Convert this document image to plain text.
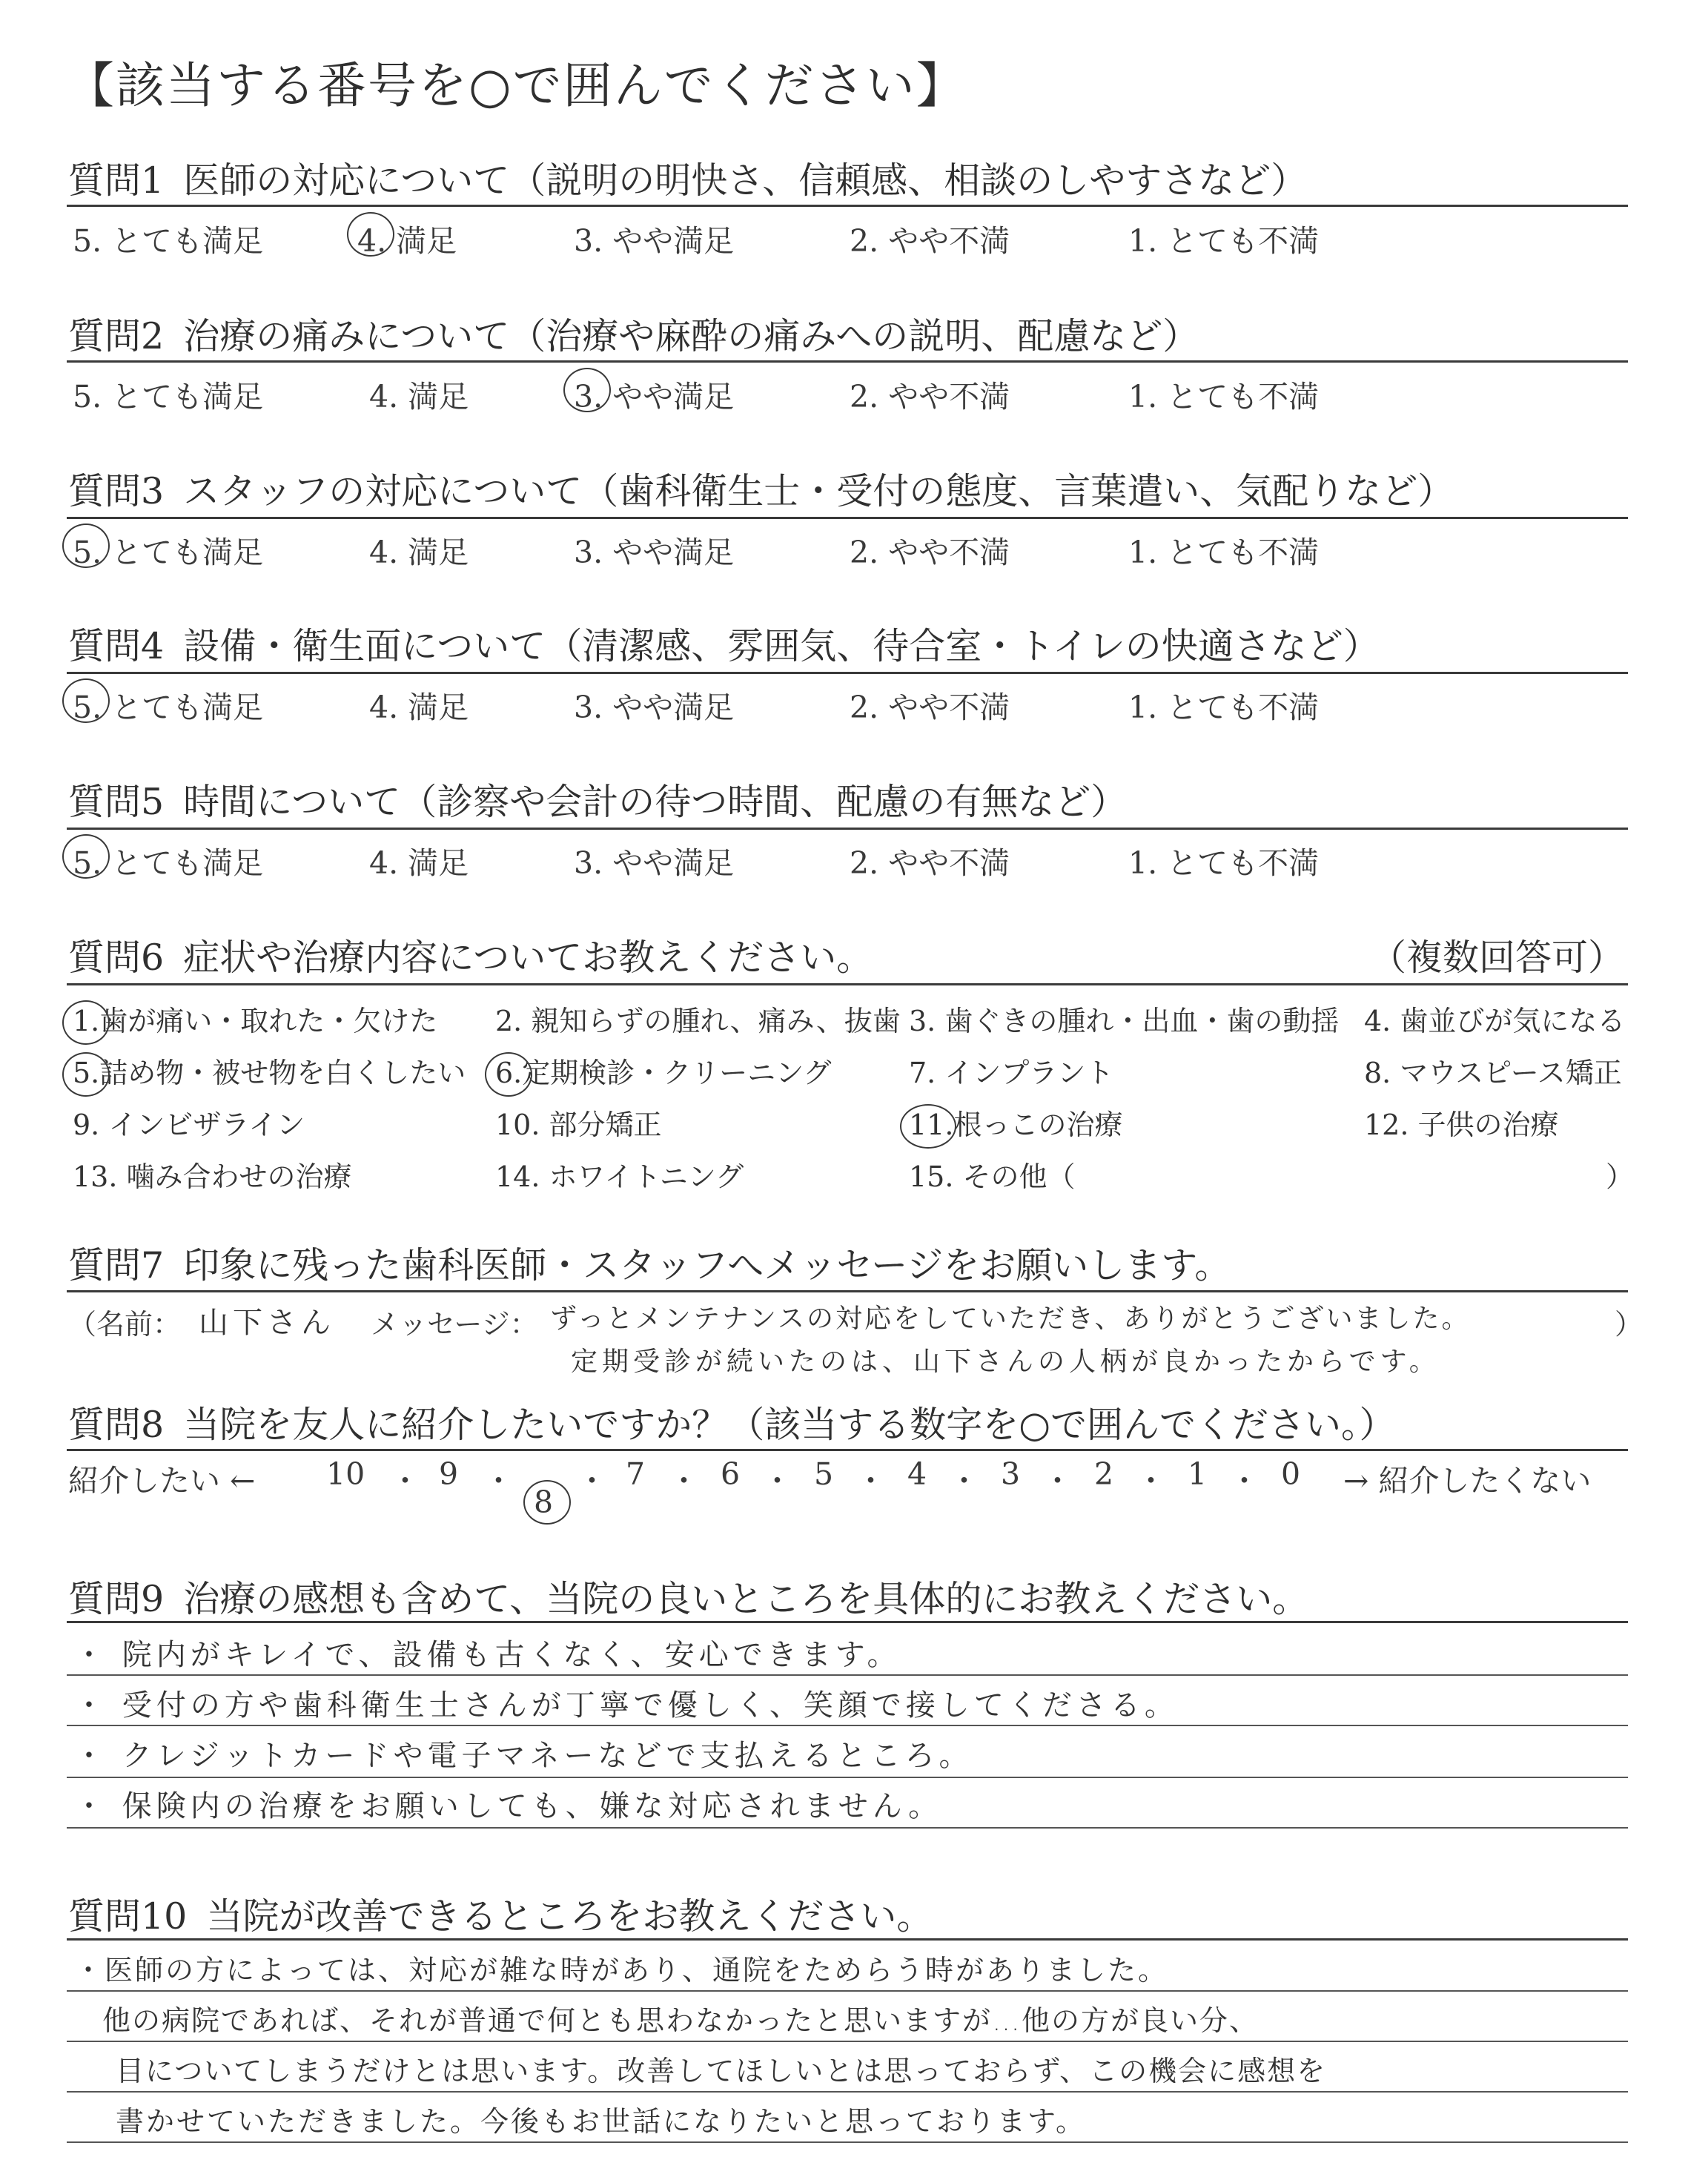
【該当する番号を○で囲んでください】
質問1 医師の対応について（説明の明快さ、信頼感、相談のしやすさなど）
5. とても満足	4. 満足	3. やや満足	2. やや不満	1. とても不満
質問2 治療の痛みについて（治療や麻酔の痛みへの説明、配慮など）
5. とても満足	4. 満足	3. やや満足	2. やや不満	1. とても不満
質問3 スタッフの対応について（歯科衛生士・受付の態度、言葉遣い、気配りなど）
5. とても満足	4. 満足	3. やや満足	2. やや不満	1. とても不満
質問4 設備・衛生面について（清潔感、雰囲気、待合室・トイレの快適さなど）
5. とても満足	4. 満足	3. やや満足	2. やや不満	1. とても不満
質問5 時間について（診察や会計の待つ時間、配慮の有無など）
5. とても満足	4. 満足	3. やや満足	2. やや不満	1. とても不満
質問6 症状や治療内容についてお教えください。	（複数回答可）
1.歯が痛い・取れた・欠けた 2. 親知らずの腫れ、痛み、抜歯 3. 歯ぐきの腫れ・出血・歯の動揺 4. 歯並びが気になる
5.詰め物・被せ物を白くしたい 6.定期検診・クリーニング	7. インプラント	8. マウスピース矯正
9. インビザライン	10. 部分矯正	11.根っこの治療	12. 子供の治療
13. 噛み合わせの治療	14. ホワイトニング	15. その他（	）
質問7 印象に残った歯科医師・スタッフへメッセージをお願いします。
（名前： 山下さん メッセージ： ずっとメンテナンスの対応をしていただき、ありがとうございました。
定期受診が続いたのは、山下さんの人柄が良かったからです。
）
質問8 当院を友人に紹介したいですか？（該当する数字を○で囲んでください。）
紹介したい ← 10 ・ 9 ・
8
・ 7 ・ 6 ・ 5 ・ 4 ・ 3 ・ 2 ・ 1 ・ 0 → 紹介したくない
質問9 治療の感想も含めて、当院の良いところを具体的にお教えください。
・ 院内がキレイで、設備も古くなく、安心できます。
・ 受付の方や歯科衛生士さんが丁寧で優しく、笑顔で接してくださる。
・ クレジットカードや電子マネーなどで支払えるところ。
・ 保険内の治療をお願いしても、嫌な対応されません。
質問10 当院が改善できるところをお教えください。
・医師の方によっては、対応が雑な時があり、通院をためらう時がありました。
他の病院であれば、それが普通で何とも思わなかったと思いますが…他の方が良い分、
目についてしまうだけとは思います。改善してほしいとは思っておらず、この機会に感想を
書かせていただきました。今後もお世話になりたいと思っております。
